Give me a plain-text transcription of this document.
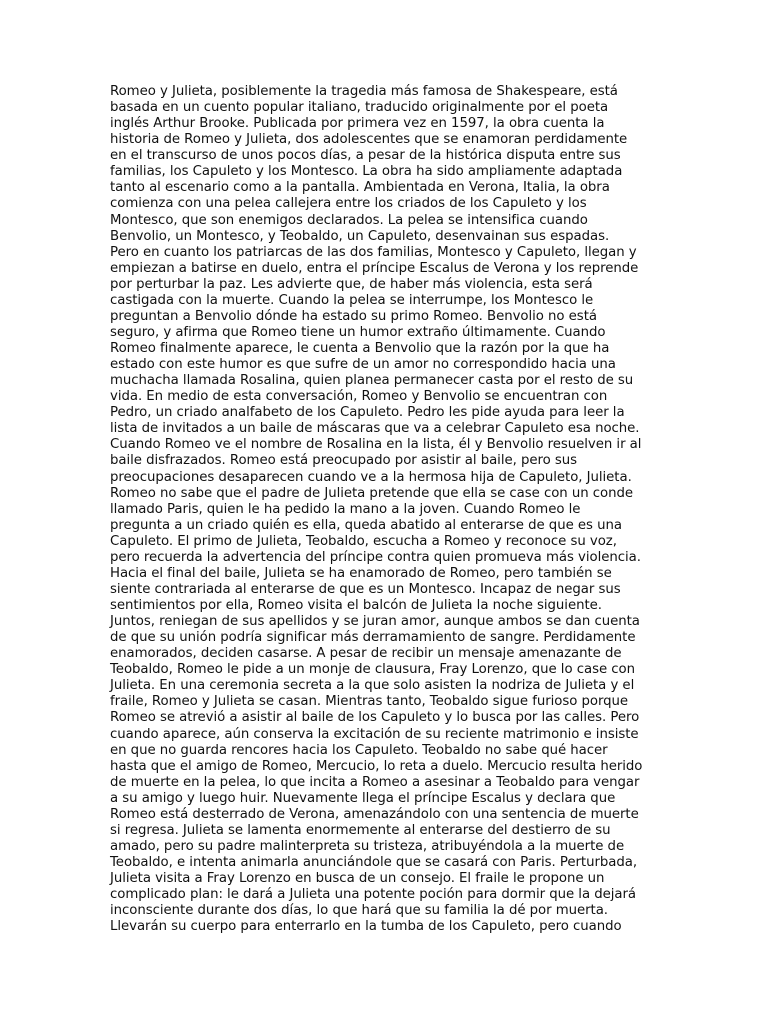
Romeo y Julieta, posiblemente la tragedia más famosa de Shakespeare, está
basada en un cuento popular italiano, traducido originalmente por el poeta
inglés Arthur Brooke. Publicada por primera vez en 1597, la obra cuenta la
historia de Romeo y Julieta, dos adolescentes que se enamoran perdidamente
en el transcurso de unos pocos días, a pesar de la histórica disputa entre sus
familias, los Capuleto y los Montesco. La obra ha sido ampliamente adaptada
tanto al escenario como a la pantalla. Ambientada en Verona, Italia, la obra
comienza con una pelea callejera entre los criados de los Capuleto y los
Montesco, que son enemigos declarados. La pelea se intensifica cuando
Benvolio, un Montesco, y Teobaldo, un Capuleto, desenvainan sus espadas.
Pero en cuanto los patriarcas de las dos familias, Montesco y Capuleto, llegan y
empiezan a batirse en duelo, entra el príncipe Escalus de Verona y los reprende
por perturbar la paz. Les advierte que, de haber más violencia, esta será
castigada con la muerte. Cuando la pelea se interrumpe, los Montesco le
preguntan a Benvolio dónde ha estado su primo Romeo. Benvolio no está
seguro, y afirma que Romeo tiene un humor extraño últimamente. Cuando
Romeo finalmente aparece, le cuenta a Benvolio que la razón por la que ha
estado con este humor es que sufre de un amor no correspondido hacia una
muchacha llamada Rosalina, quien planea permanecer casta por el resto de su
vida. En medio de esta conversación, Romeo y Benvolio se encuentran con
Pedro, un criado analfabeto de los Capuleto. Pedro les pide ayuda para leer la
lista de invitados a un baile de máscaras que va a celebrar Capuleto esa noche.
Cuando Romeo ve el nombre de Rosalina en la lista, él y Benvolio resuelven ir al
baile disfrazados. Romeo está preocupado por asistir al baile, pero sus
preocupaciones desaparecen cuando ve a la hermosa hija de Capuleto, Julieta.
Romeo no sabe que el padre de Julieta pretende que ella se case con un conde
llamado Paris, quien le ha pedido la mano a la joven. Cuando Romeo le
pregunta a un criado quién es ella, queda abatido al enterarse de que es una
Capuleto. El primo de Julieta, Teobaldo, escucha a Romeo y reconoce su voz,
pero recuerda la advertencia del príncipe contra quien promueva más violencia.
Hacia el final del baile, Julieta se ha enamorado de Romeo, pero también se
siente contrariada al enterarse de que es un Montesco. Incapaz de negar sus
sentimientos por ella, Romeo visita el balcón de Julieta la noche siguiente.
Juntos, reniegan de sus apellidos y se juran amor, aunque ambos se dan cuenta
de que su unión podría significar más derramamiento de sangre. Perdidamente
enamorados, deciden casarse. A pesar de recibir un mensaje amenazante de
Teobaldo, Romeo le pide a un monje de clausura, Fray Lorenzo, que lo case con
Julieta. En una ceremonia secreta a la que solo asisten la nodriza de Julieta y el
fraile, Romeo y Julieta se casan. Mientras tanto, Teobaldo sigue furioso porque
Romeo se atrevió a asistir al baile de los Capuleto y lo busca por las calles. Pero
cuando aparece, aún conserva la excitación de su reciente matrimonio e insiste
en que no guarda rencores hacia los Capuleto. Teobaldo no sabe qué hacer
hasta que el amigo de Romeo, Mercucio, lo reta a duelo. Mercucio resulta herido
de muerte en la pelea, lo que incita a Romeo a asesinar a Teobaldo para vengar
a su amigo y luego huir. Nuevamente llega el príncipe Escalus y declara que
Romeo está desterrado de Verona, amenazándolo con una sentencia de muerte
si regresa. Julieta se lamenta enormemente al enterarse del destierro de su
amado, pero su padre malinterpreta su tristeza, atribuyéndola a la muerte de
Teobaldo, e intenta animarla anunciándole que se casará con Paris. Perturbada,
Julieta visita a Fray Lorenzo en busca de un consejo. El fraile le propone un
complicado plan: le dará a Julieta una potente poción para dormir que la dejará
inconsciente durante dos días, lo que hará que su familia la dé por muerta.
Llevarán su cuerpo para enterrarlo en la tumba de los Capuleto, pero cuando
